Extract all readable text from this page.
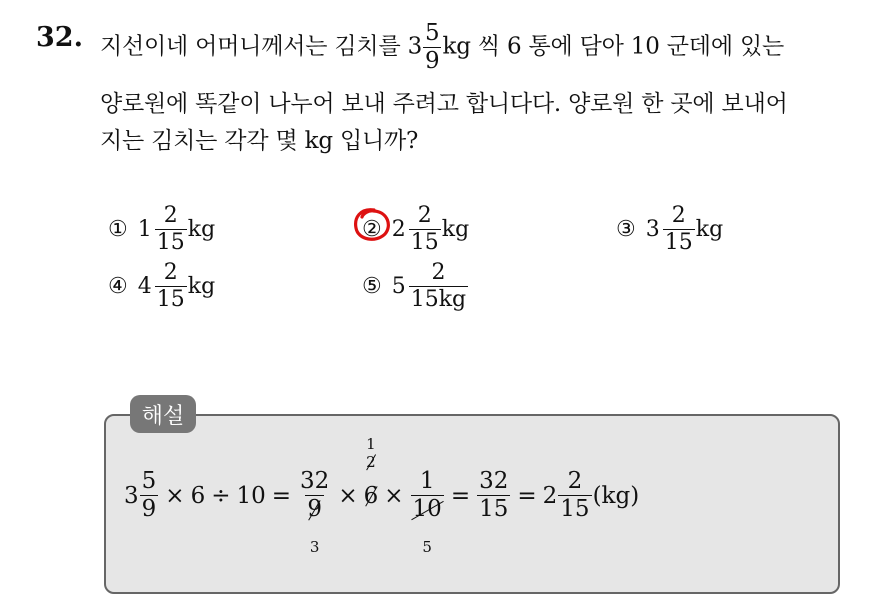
32. 지선이네 어머니께서는 김치를 $3 \frac{5}{9}$ kg 씩 6 통에 담아 10 군데에 있는
양로원에 똑같이 나누어 보내 주려고 합니다다. 양로원 한 곳에 보내어
지는 김치는 각각 몇 kg 입니까?
① $1 \frac{2}{15}$ kg	② $2 \frac{2}{15}$ kg	③ $3 \frac{2}{15}$ kg
④ $4 \frac{2}{15}$ kg	⑤ $5 \frac{2}{15kg}$
해설
$3 \frac{5}{9} \times 6 \div 10 = 32$
9
3 ×
2
1
6 × 1
10
$5 = \frac{32}{15} = 2 \frac{2}{15} (kg)$
